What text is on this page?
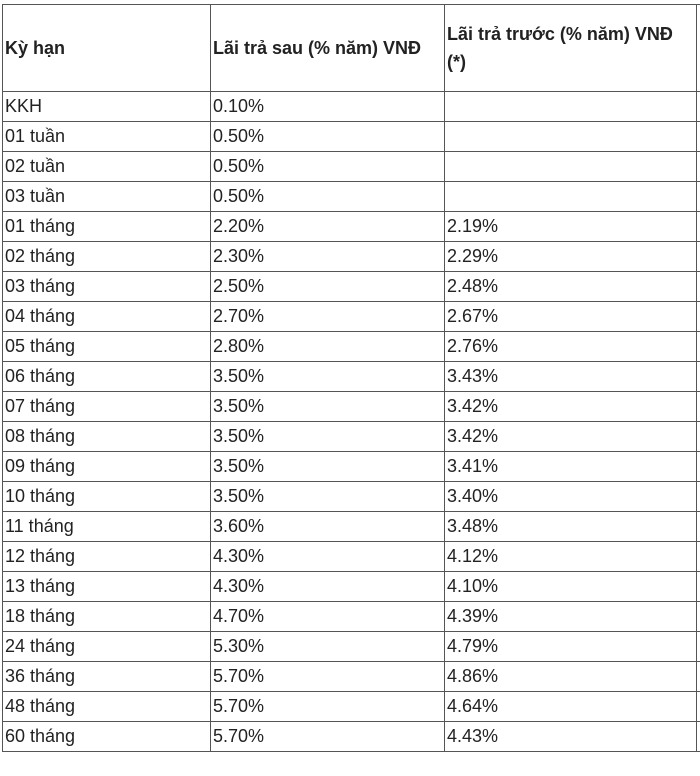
Kỳ hạn	Lãi trả sau (% năm) VNĐ	Lãi trả trước (% năm) VNĐ (*)	
KKH	0.10%		
01 tuần	0.50%		
02 tuần	0.50%		
03 tuần	0.50%		
01 tháng	2.20%	2.19%	
02 tháng	2.30%	2.29%	
03 tháng	2.50%	2.48%	
04 tháng	2.70%	2.67%	
05 tháng	2.80%	2.76%	
06 tháng	3.50%	3.43%	
07 tháng	3.50%	3.42%	
08 tháng	3.50%	3.42%	
09 tháng	3.50%	3.41%	
10 tháng	3.50%	3.40%	
11 tháng	3.60%	3.48%	
12 tháng	4.30%	4.12%	
13 tháng	4.30%	4.10%	
18 tháng	4.70%	4.39%	
24 tháng	5.30%	4.79%	
36 tháng	5.70%	4.86%	
48 tháng	5.70%	4.64%	
60 tháng	5.70%	4.43%	
